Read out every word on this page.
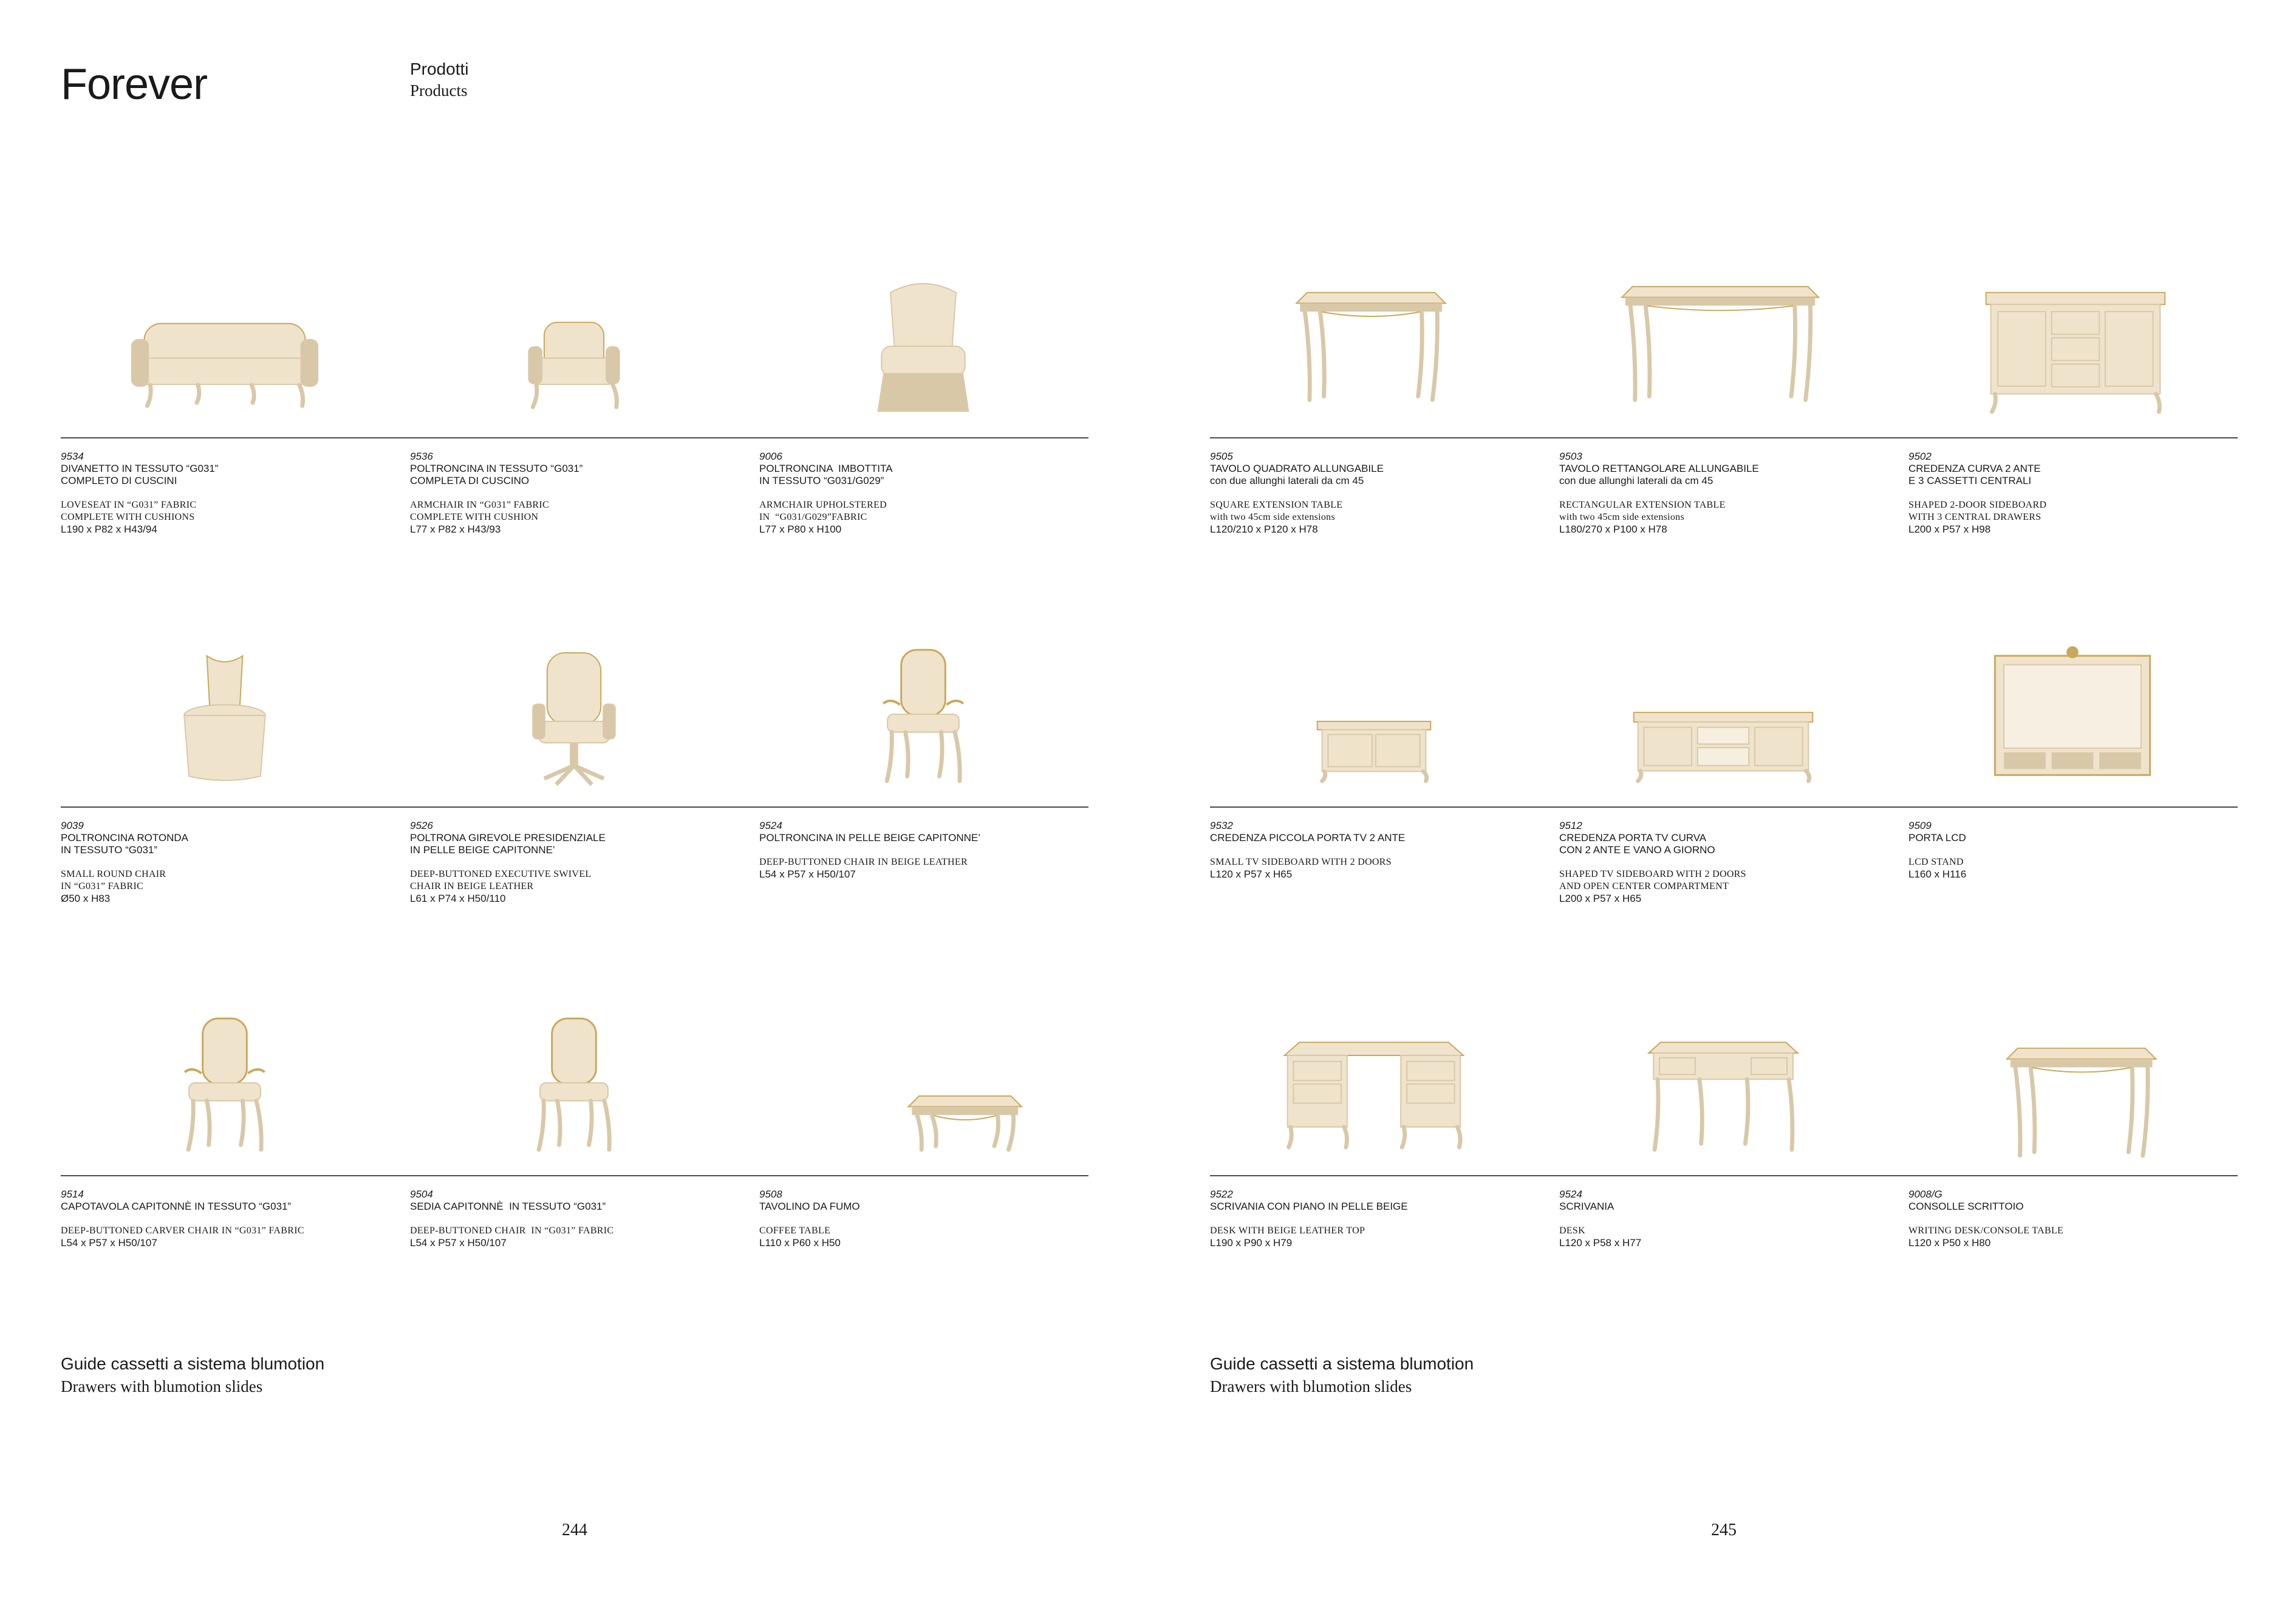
Forever	Prodotti
Products
Guide cassetti a sistema blumotion
Drawers with blumotion slides
244
9534
DIVANETTO IN TESSUTO “G031”
COMPLETO DI CUSCINI
LOVESEAT IN “G031” FABRIC
COMPLETE WITH CUSHIONS
L190 x P82 x H43/94
9536
POLTRONCINA IN TESSUTO “G031”
COMPLETA DI CUSCINO
ARMCHAIR IN “G031” FABRIC
COMPLETE WITH CUSHION
L77 x P82 x H43/93
9006
POLTRONCINA  IMBOTTITA
IN TESSUTO “G031/G029”
ARMCHAIR UPHOLSTERED
IN  “G031/G029”FABRIC
L77 x P80 x H100
9039
POLTRONCINA ROTONDA
IN TESSUTO “G031”
SMALL ROUND CHAIR
IN “G031” FABRIC
Ø50 x H83
9526
POLTRONA GIREVOLE PRESIDENZIALE
IN PELLE BEIGE CAPITONNE’
DEEP-BUTTONED EXECUTIVE SWIVEL
CHAIR IN BEIGE LEATHER
L61 x P74 x H50/110
9524
POLTRONCINA IN PELLE BEIGE CAPITONNE’
DEEP-BUTTONED CHAIR IN BEIGE LEATHER
L54 x P57 x H50/107
9514
CAPOTAVOLA CAPITONNÈ IN TESSUTO “G031”
DEEP-BUTTONED CARVER CHAIR IN “G031” FABRIC
L54 x P57 x H50/107
9504
SEDIA CAPITONNÈ  IN TESSUTO “G031”
DEEP-BUTTONED CHAIR  IN “G031” FABRIC
L54 x P57 x H50/107
9508
TAVOLINO DA FUMO
COFFEE TABLE
L110 x P60 x H50
Guide cassetti a sistema blumotion
Drawers with blumotion slides
245
9505
TAVOLO QUADRATO ALLUNGABILE
con due allunghi laterali da cm 45
SQUARE EXTENSION TABLE
with two 45cm side extensions
L120/210 x P120 x H78
9503
TAVOLO RETTANGOLARE ALLUNGABILE
con due allunghi laterali da cm 45
RECTANGULAR EXTENSION TABLE
with two 45cm side extensions
L180/270 x P100 x H78
9502
CREDENZA CURVA 2 ANTE
E 3 CASSETTI CENTRALI
SHAPED 2-DOOR SIDEBOARD
WITH 3 CENTRAL DRAWERS
L200 x P57 x H98
9532
CREDENZA PICCOLA PORTA TV 2 ANTE
SMALL TV SIDEBOARD WITH 2 DOORS
L120 x P57 x H65
9512
CREDENZA PORTA TV CURVA
CON 2 ANTE E VANO A GIORNO
SHAPED TV SIDEBOARD WITH 2 DOORS
AND OPEN CENTER COMPARTMENT
L200 x P57 x H65
9509
PORTA LCD
LCD STAND
L160 x H116
9522
SCRIVANIA CON PIANO IN PELLE BEIGE
DESK WITH BEIGE LEATHER TOP
L190 x P90 x H79
9524
SCRIVANIA
DESK
L120 x P58 x H77
9008/G
CONSOLLE SCRITTOIO
WRITING DESK/CONSOLE TABLE
L120 x P50 x H80
